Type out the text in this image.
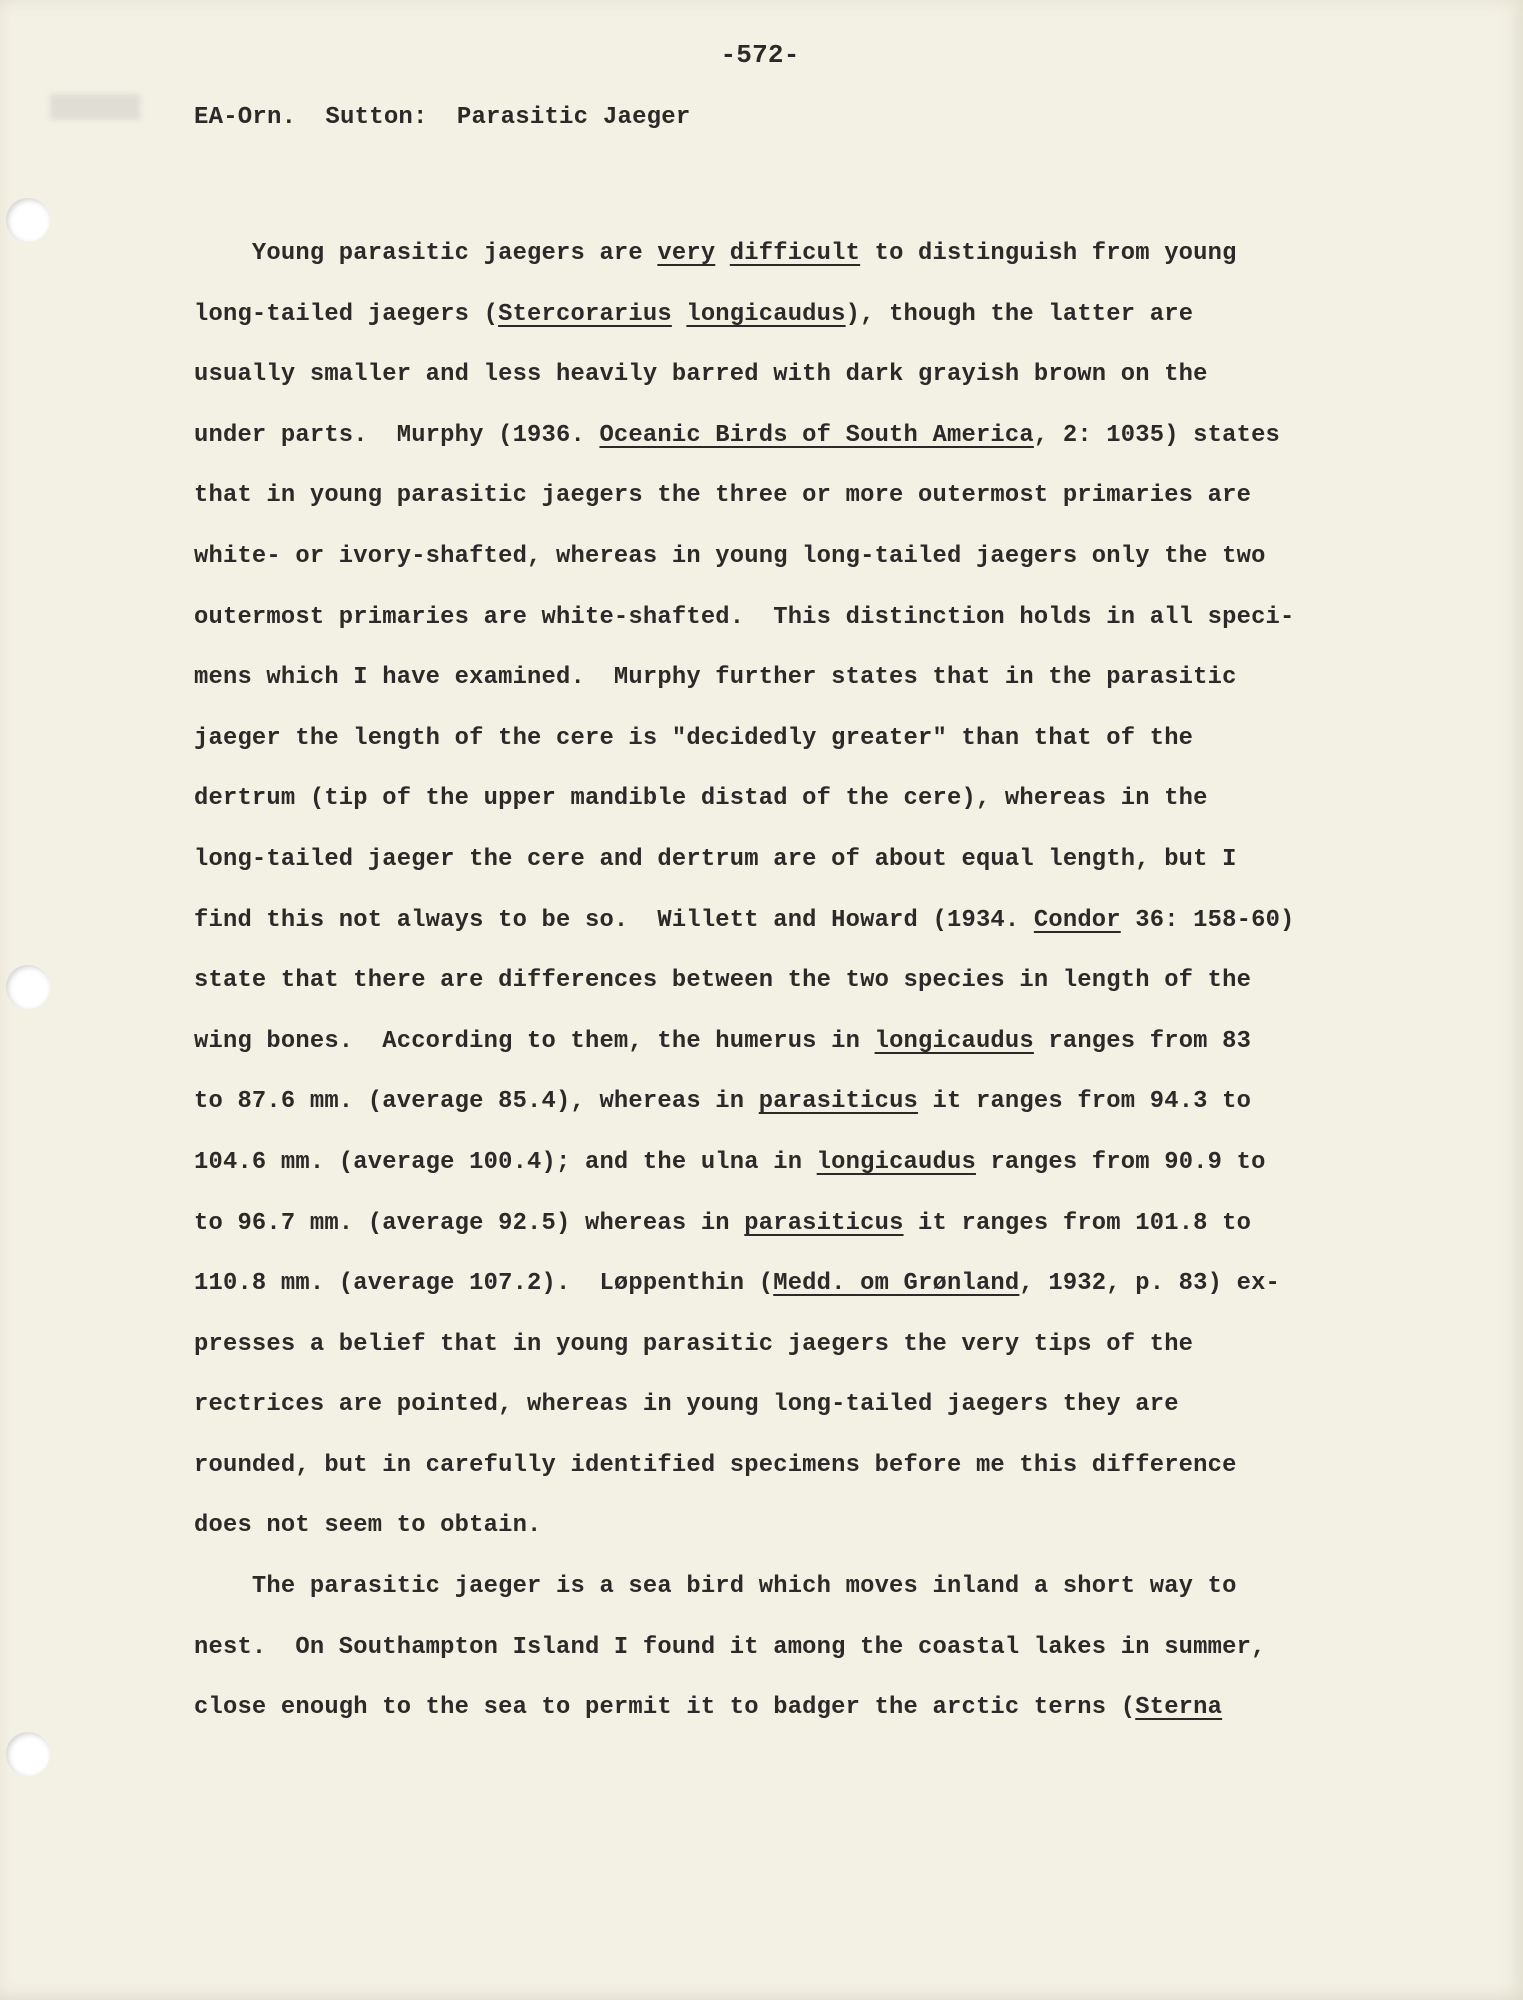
-572-
EA-Orn.  Sutton:  Parasitic Jaeger
Young parasitic jaegers are very difficult to distinguish from young
long-tailed jaegers (Stercorarius longicaudus), though the latter are
usually smaller and less heavily barred with dark grayish brown on the
under parts.  Murphy (1936. Oceanic Birds of South America, 2: 1035) states
that in young parasitic jaegers the three or more outermost primaries are
white- or ivory-shafted, whereas in young long-tailed jaegers only the two
outermost primaries are white-shafted.  This distinction holds in all speci-
mens which I have examined.  Murphy further states that in the parasitic
jaeger the length of the cere is "decidedly greater" than that of the
dertrum (tip of the upper mandible distad of the cere), whereas in the
long-tailed jaeger the cere and dertrum are of about equal length, but I
find this not always to be so.  Willett and Howard (1934. Condor 36: 158-60)
state that there are differences between the two species in length of the
wing bones.  According to them, the humerus in longicaudus ranges from 83
to 87.6 mm. (average 85.4), whereas in parasiticus it ranges from 94.3 to
104.6 mm. (average 100.4); and the ulna in longicaudus ranges from 90.9 to
to 96.7 mm. (average 92.5) whereas in parasiticus it ranges from 101.8 to
110.8 mm. (average 107.2).  Løppenthin (Medd. om Grønland, 1932, p. 83) ex-
presses a belief that in young parasitic jaegers the very tips of the
rectrices are pointed, whereas in young long-tailed jaegers they are
rounded, but in carefully identified specimens before me this difference
does not seem to obtain.
The parasitic jaeger is a sea bird which moves inland a short way to
nest.  On Southampton Island I found it among the coastal lakes in summer,
close enough to the sea to permit it to badger the arctic terns (Sterna
